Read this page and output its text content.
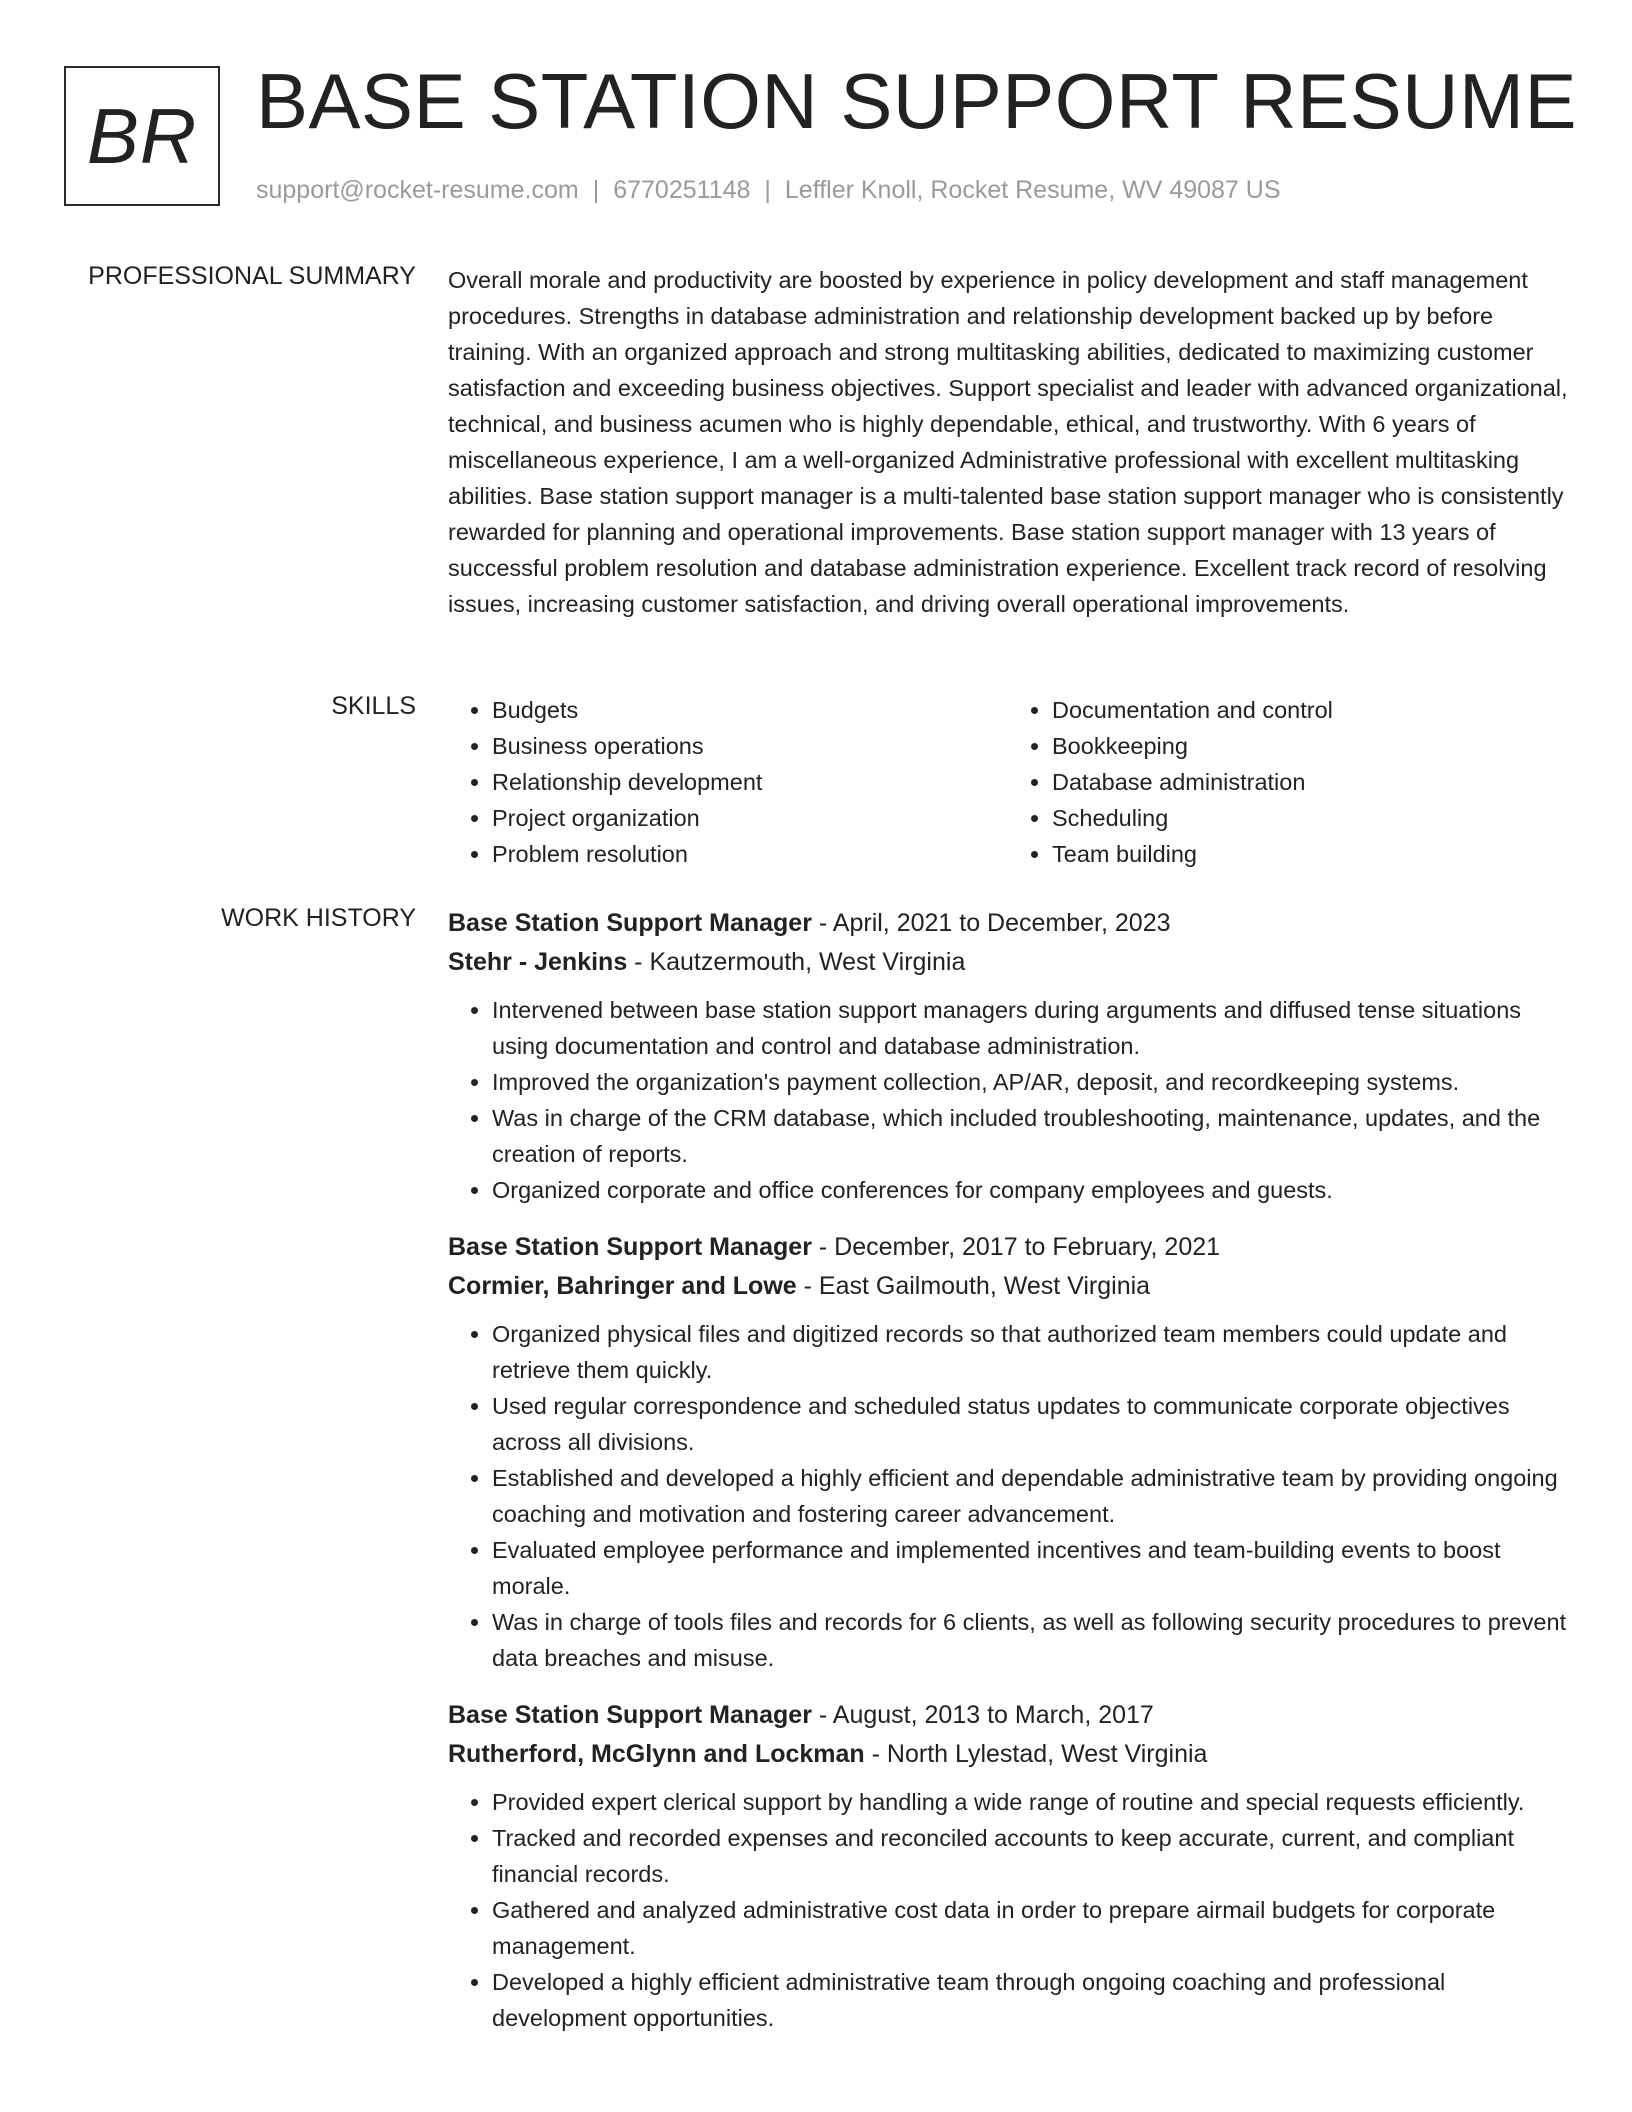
BR BASE STATION SUPPORT RESUME
support@rocket-resume.com | 6770251148 | Leffler Knoll, Rocket Resume, WV 49087 US
PROFESSIONAL SUMMARY Overall morale and productivity are boosted by experience in policy development and staff management procedures. Strengths in database administration and relationship development backed up by before training. With an organized approach and strong multitasking abilities, dedicated to maximizing customer satisfaction and exceeding business objectives. Support specialist and leader with advanced organizational, technical, and business acumen who is highly dependable, ethical, and trustworthy. With 6 years of miscellaneous experience, I am a well-organized Administrative professional with excellent multitasking abilities. Base station support manager is a multi-talented base station support manager who is consistently rewarded for planning and operational improvements. Base station support manager with 13 years of successful problem resolution and database administration experience. Excellent track record of resolving issues, increasing customer satisfaction, and driving overall operational improvements.

SKILLS
•	Budgets
• Business operations
• Relationship development
• Project organization
• Problem resolution
• Documentation and control
• Bookkeeping
• Database administration
• Scheduling
• Team building
WORK HISTORY Base Station Support Manager - April, 2021 to December, 2023
Stehr - Jenkins - Kautzermouth, West Virginia
• Intervened between base station support managers during arguments and diffused tense situations using documentation and control and database administration.
• Improved the organization's payment collection, AP/AR, deposit, and recordkeeping systems.
• Was in charge of the CRM database, which included troubleshooting, maintenance, updates, and the creation of reports.
• Organized corporate and office conferences for company employees and guests.
Base Station Support Manager - December, 2017 to February, 2021
Cormier, Bahringer and Lowe - East Gailmouth, West Virginia
• Organized physical files and digitized records so that authorized team members could update and retrieve them quickly.
• Used regular correspondence and scheduled status updates to communicate corporate objectives across all divisions.
• Established and developed a highly efficient and dependable administrative team by providing ongoing coaching and motivation and fostering career advancement.
• Evaluated employee performance and implemented incentives and team-building events to boost morale.
• Was in charge of tools files and records for 6 clients, as well as following security procedures to prevent data breaches and misuse.
Base Station Support Manager - August, 2013 to March, 2017
Rutherford, McGlynn and Lockman - North Lylestad, West Virginia
• Provided expert clerical support by handling a wide range of routine and special requests efficiently.
• Tracked and recorded expenses and reconciled accounts to keep accurate, current, and compliant financial records.
• Gathered and analyzed administrative cost data in order to prepare airmail budgets for corporate management.
• Developed a highly efficient administrative team through ongoing coaching and professional development opportunities.
